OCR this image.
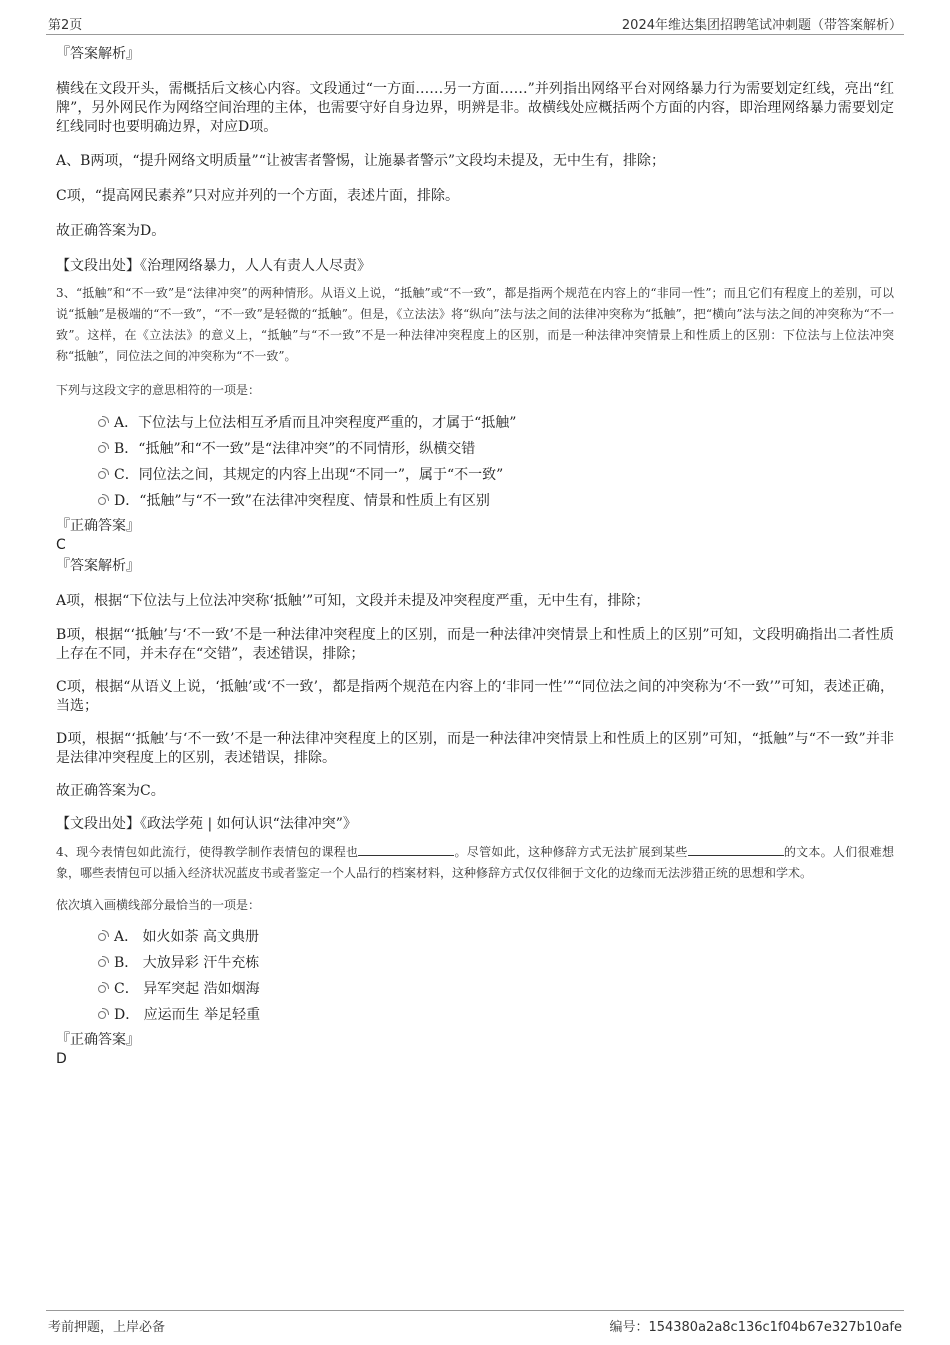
第2页	2024年维达集团招聘笔试冲刺题（带答案解析）
『答案解析』

横线在文段开头，需概括后文核心内容。文段通过“一方面……另一方面……”并列指出网络平台对网络暴力行为需要划定红线，亮出“红牌”，另外网民作为网络空间治理的主体，也需要守好自身边界，明辨是非。故横线处应概括两个方面的内容，即治理网络暴力需要划定红线同时也要明确边界，对应D项。

A、B两项，“提升网络文明质量”“让被害者警惕，让施暴者警示”文段均未提及，无中生有，排除；

C项，“提高网民素养”只对应并列的一个方面，表述片面，排除。

故正确答案为D。

【文段出处】《治理网络暴力，人人有责人人尽责》

3、“抵触”和“不一致”是“法律冲突”的两种情形。从语义上说，“抵触”或“不一致”，都是指两个规范在内容上的“非同一性”；而且它们有程度上的差别，可以说“抵触”是极端的“不一致”，“不一致”是轻微的“抵触”。但是，《立法法》将“纵向”法与法之间的法律冲突称为“抵触”，把“横向”法与法之间的冲突称为“不一致”。这样，在《立法法》的意义上，“抵触”与“不一致”不是一种法律冲突程度上的区别，而是一种法律冲突情景上和性质上的区别：下位法与上位法冲突称“抵触”，同位法之间的冲突称为“不一致”。

下列与这段文字的意思相符的一项是：

A．下位法与上位法相互矛盾而且冲突程度严重的，才属于“抵触”
B．“抵触”和“不一致”是“法律冲突”的不同情形，纵横交错
C．同位法之间，其规定的内容上出现“不同一”，属于“不一致”
D．“抵触”与“不一致”在法律冲突程度、情景和性质上有区别
『正确答案』
C
『答案解析』

A项，根据“下位法与上位法冲突称‘抵触’”可知，文段并未提及冲突程度严重，无中生有，排除；

B项，根据“‘抵触’与‘不一致’不是一种法律冲突程度上的区别，而是一种法律冲突情景上和性质上的区别”可知，文段明确指出二者性质上存在不同，并未存在“交错”，表述错误，排除；

C项，根据“从语义上说，‘抵触’或‘不一致’，都是指两个规范在内容上的‘非同一性’”“同位法之间的冲突称为‘不一致’”可知，表述正确，当选；

D项，根据“‘抵触’与‘不一致’不是一种法律冲突程度上的区别，而是一种法律冲突情景上和性质上的区别”可知，“抵触”与“不一致”并非是法律冲突程度上的区别，表述错误，排除。

故正确答案为C。

【文段出处】《政法学苑 | 如何认识“法律冲突”》

4、现今表情包如此流行，使得教学制作表情包的课程也	。尽管如此，这种修辞方式无法扩展到某些	的文本。人们很难想象，哪些表情包可以插入经济状况蓝皮书或者鉴定一个人品行的档案材料，这种修辞方式仅仅徘徊于文化的边缘而无法涉猎正统的思想和学术。

依次填入画横线部分最恰当的一项是：

A． 如火如荼 高文典册
B． 大放异彩 汗牛充栋
C． 异军突起 浩如烟海
D． 应运而生 举足轻重
『正确答案』
D
考前押题，上岸必备	编号：154380a2a8c136c1f04b67e327b10afe
